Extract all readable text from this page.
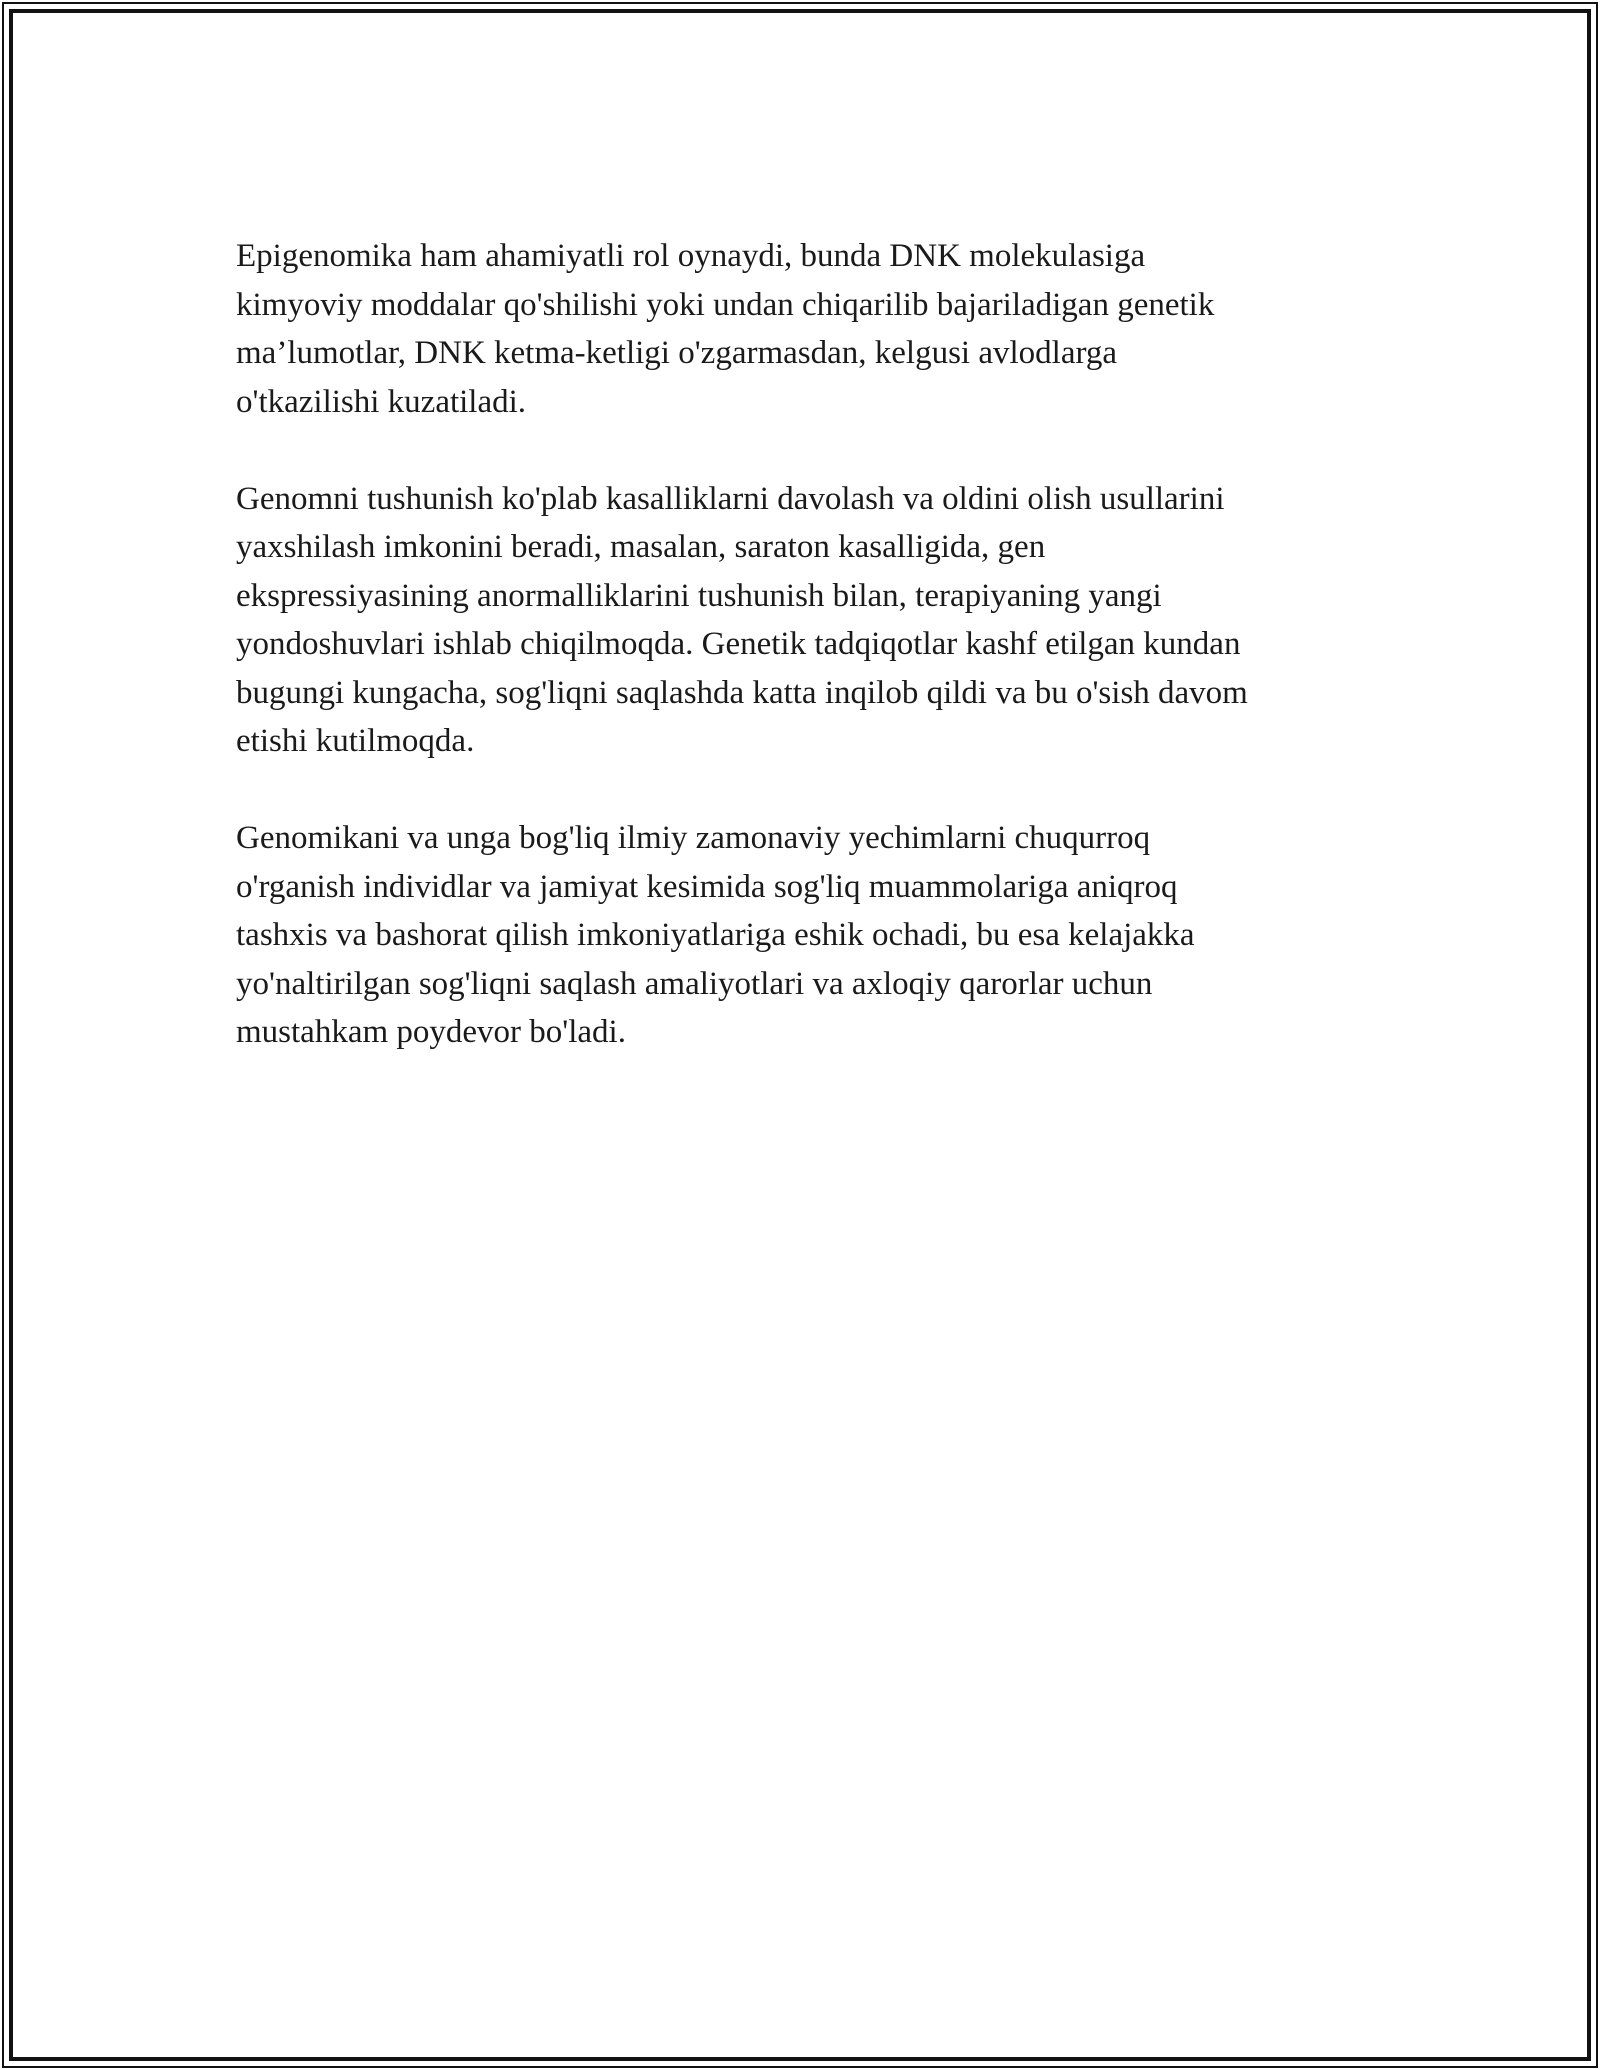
Epigenomika ham ahamiyatli rol oynaydi, bunda DNK molekulasiga
kimyoviy moddalar qo'shilishi yoki undan chiqarilib bajariladigan genetik
ma’lumotlar, DNK ketma-ketligi o'zgarmasdan, kelgusi avlodlarga
o'tkazilishi kuzatiladi.

Genomni tushunish ko'plab kasalliklarni davolash va oldini olish usullarini
yaxshilash imkonini beradi, masalan, saraton kasalligida, gen
ekspressiyasining anormalliklarini tushunish bilan, terapiyaning yangi
yondoshuvlari ishlab chiqilmoqda. Genetik tadqiqotlar kashf etilgan kundan
bugungi kungacha, sog'liqni saqlashda katta inqilob qildi va bu o'sish davom
etishi kutilmoqda.

Genomikani va unga bog'liq ilmiy zamonaviy yechimlarni chuqurroq
o'rganish individlar va jamiyat kesimida sog'liq muammolariga aniqroq
tashxis va bashorat qilish imkoniyatlariga eshik ochadi, bu esa kelajakka
yo'naltirilgan sog'liqni saqlash amaliyotlari va axloqiy qarorlar uchun
mustahkam poydevor bo'ladi.
